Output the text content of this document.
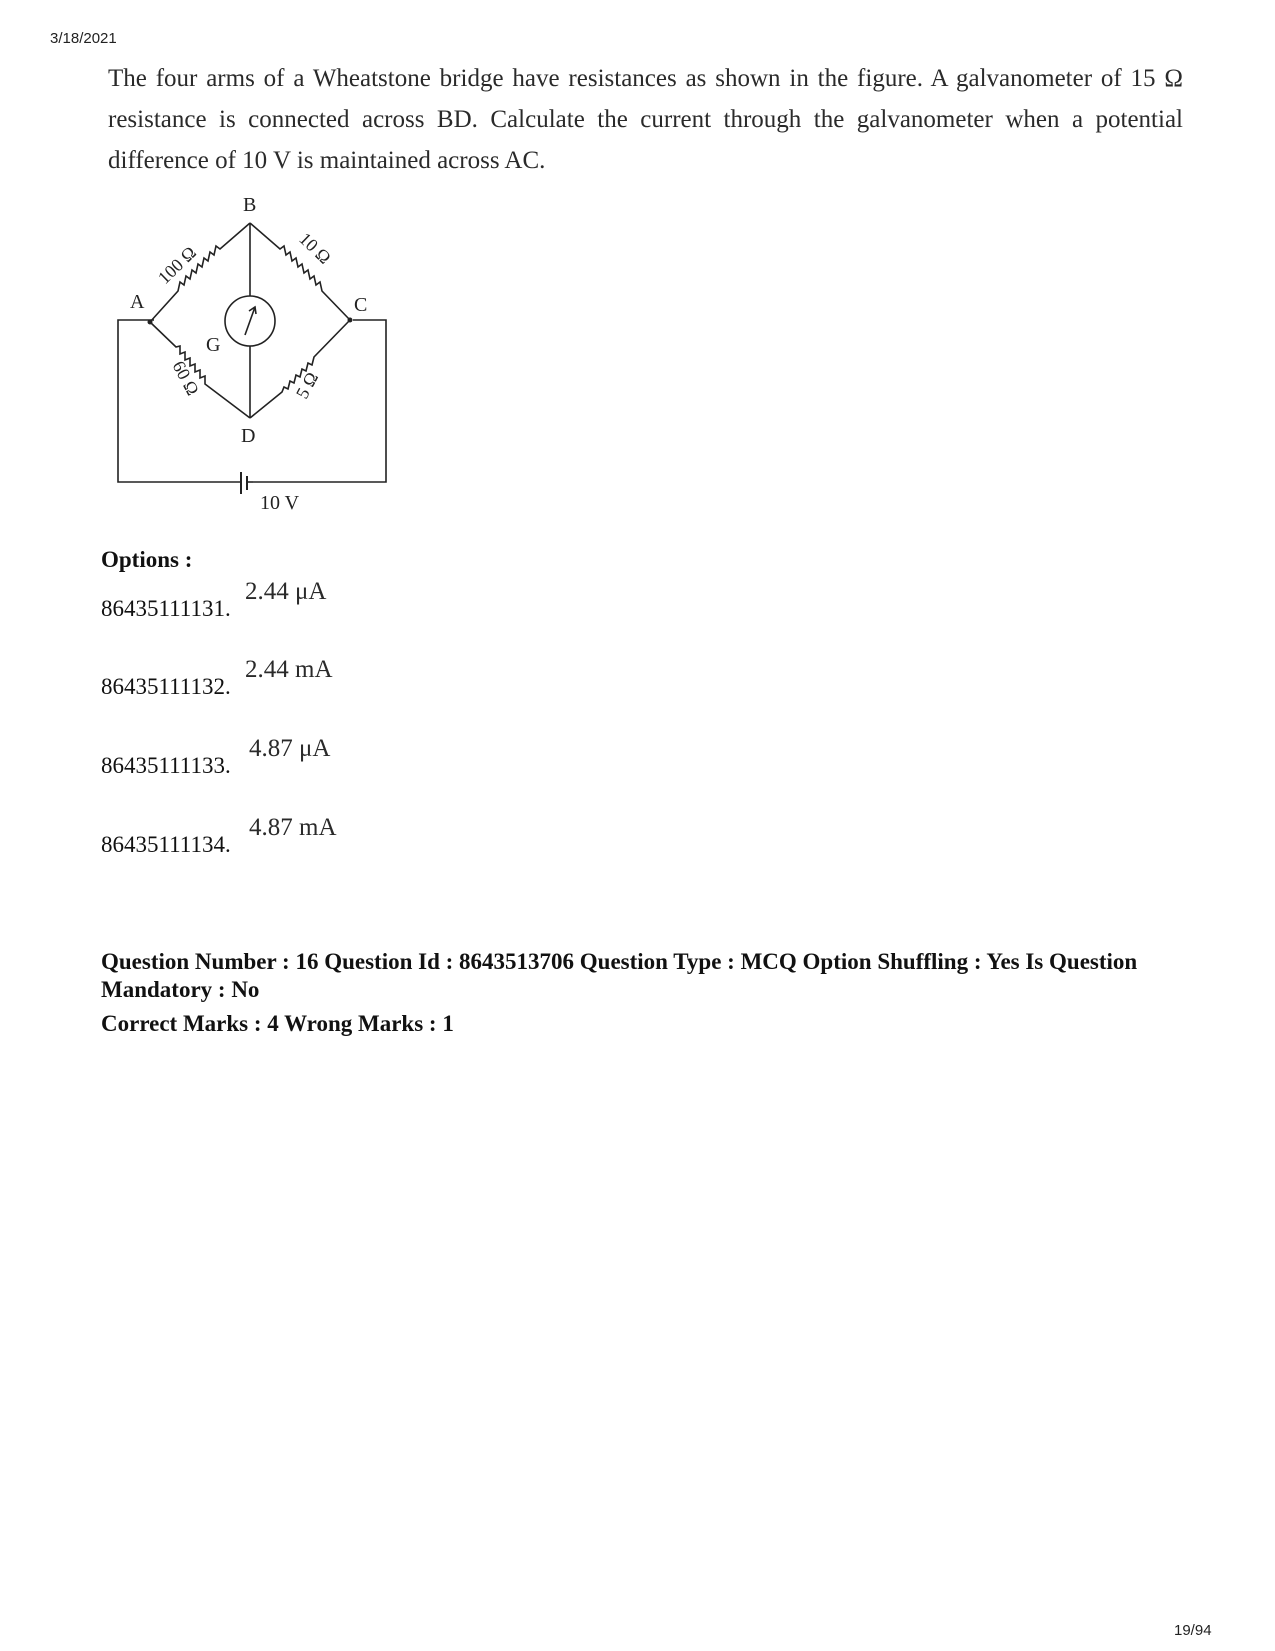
3/18/2021

The four arms of a Wheatstone bridge have resistances as shown in the figure. A galvanometer of 15 Ω resistance is connected across BD. Calculate the current through the galvanometer when a potential difference of 10 V is maintained across AC.

A
B
C
D
G
100 Ω	10 Ω
60 Ω	5 Ω
10 V
Options :
86435111131.
2.44 μA
86435111132.
2.44 mA
86435111133.
4.87 μA
86435111134.
4.87 mA
Question Number : 16 Question Id : 8643513706 Question Type : MCQ Option Shuffling : Yes Is Question Mandatory : No
Correct Marks : 4 Wrong Marks : 1
19/94
